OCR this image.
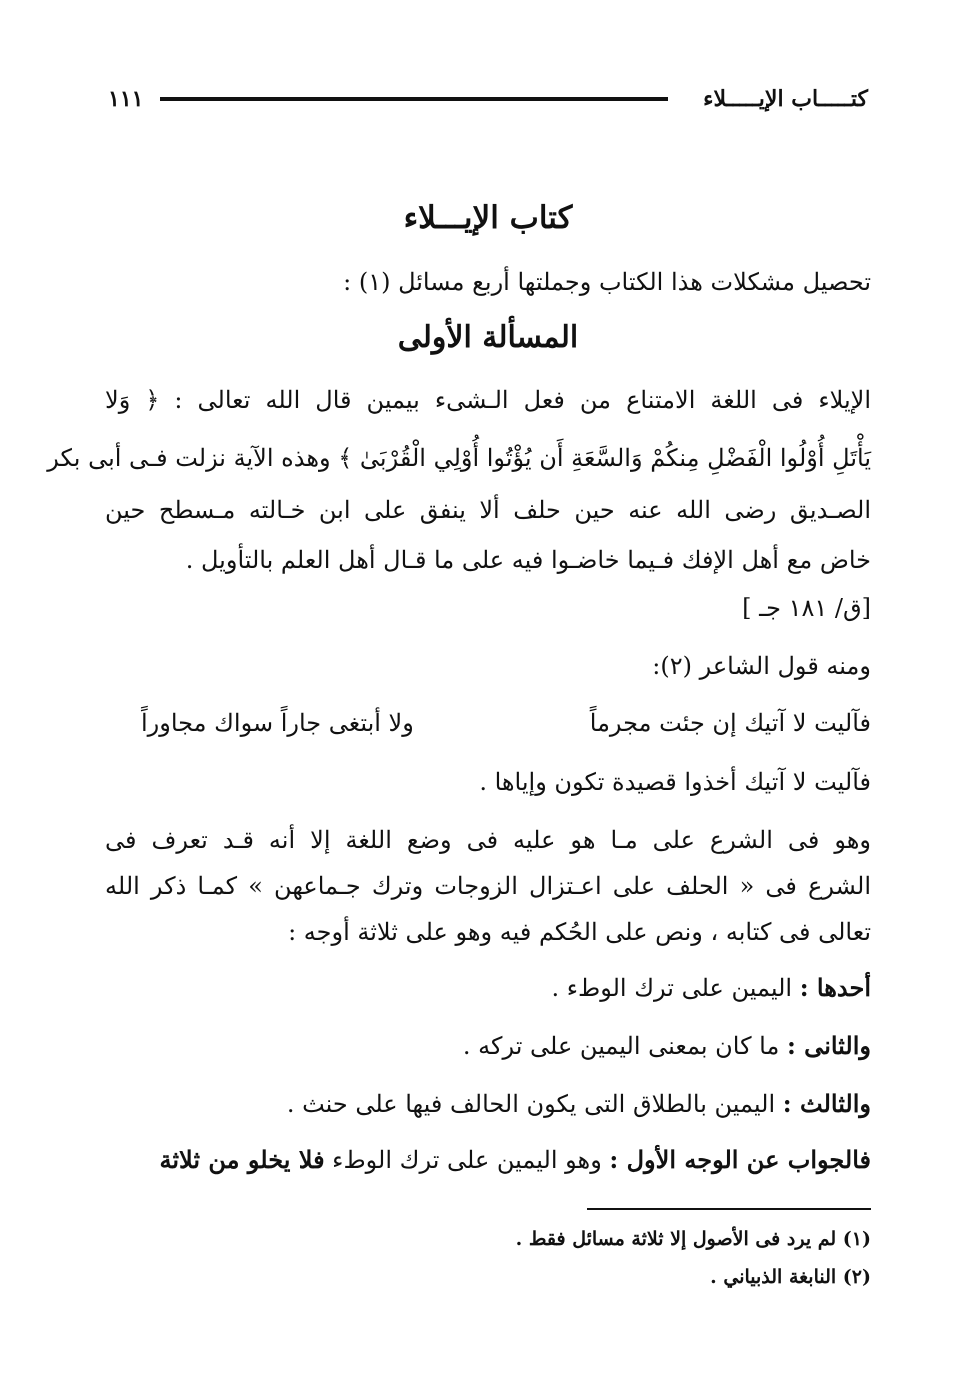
كتـــــاب الإيـــــلاء
١١١
كتاب الإيـــلاء
تحصيل مشكلات هذا الكتاب وجملتها أربع مسائل (١) :
المسألة الأولى
الإيلاء فى اللغة الامتناع من فعل الـشىء بيمين قال الله تعالى : ﴿ وَلا
يَأْتَلِ أُوْلُوا الْفَضْلِ مِنكُمْ وَالسَّعَةِ أَن يُؤْتُوا أُوْلِي الْقُرْبَىٰ ﴾ وهذه الآية نزلت فـى أبى بكر
الصـديق رضى الله عنه حين حلف ألا ينفق على ابن خـالته مـسطح حين
خاض مع أهل الإفك فـيما خاضـوا فيه على ما قـال أهل العلم بالتأويل .
[ق/ ١٨١ جـ ]
ومنه قول الشاعر (٢):
فآليت لا آتيك إن جئت مجرماً
ولا أبتغى جاراً سواك مجاوراً
فآليت لا آتيك أخذوا قصيدة تكون وإياها .
وهو فى الشرع على مـا هو عليه فى وضع اللغة إلا أنه قـد تعرف فى
الشرع فى « الحلف على اعـتزال الزوجات وترك جـماعهن » كمـا ذكر الله
تعالى فى كتابه ، ونص على الحُكم فيه وهو على ثلاثة أوجه :
أحدها : اليمين على ترك الوطء .
والثانى : ما كان بمعنى اليمين على تركه .
والثالث : اليمين بالطلاق التى يكون الحالف فيها على حنث .
فالجواب عن الوجه الأول : وهو اليمين على ترك الوطء فلا يخلو من ثلاثة
(١) لم يرد فى الأصول إلا ثلاثة مسائل فقط .
(٢) النابغة الذبياني .
